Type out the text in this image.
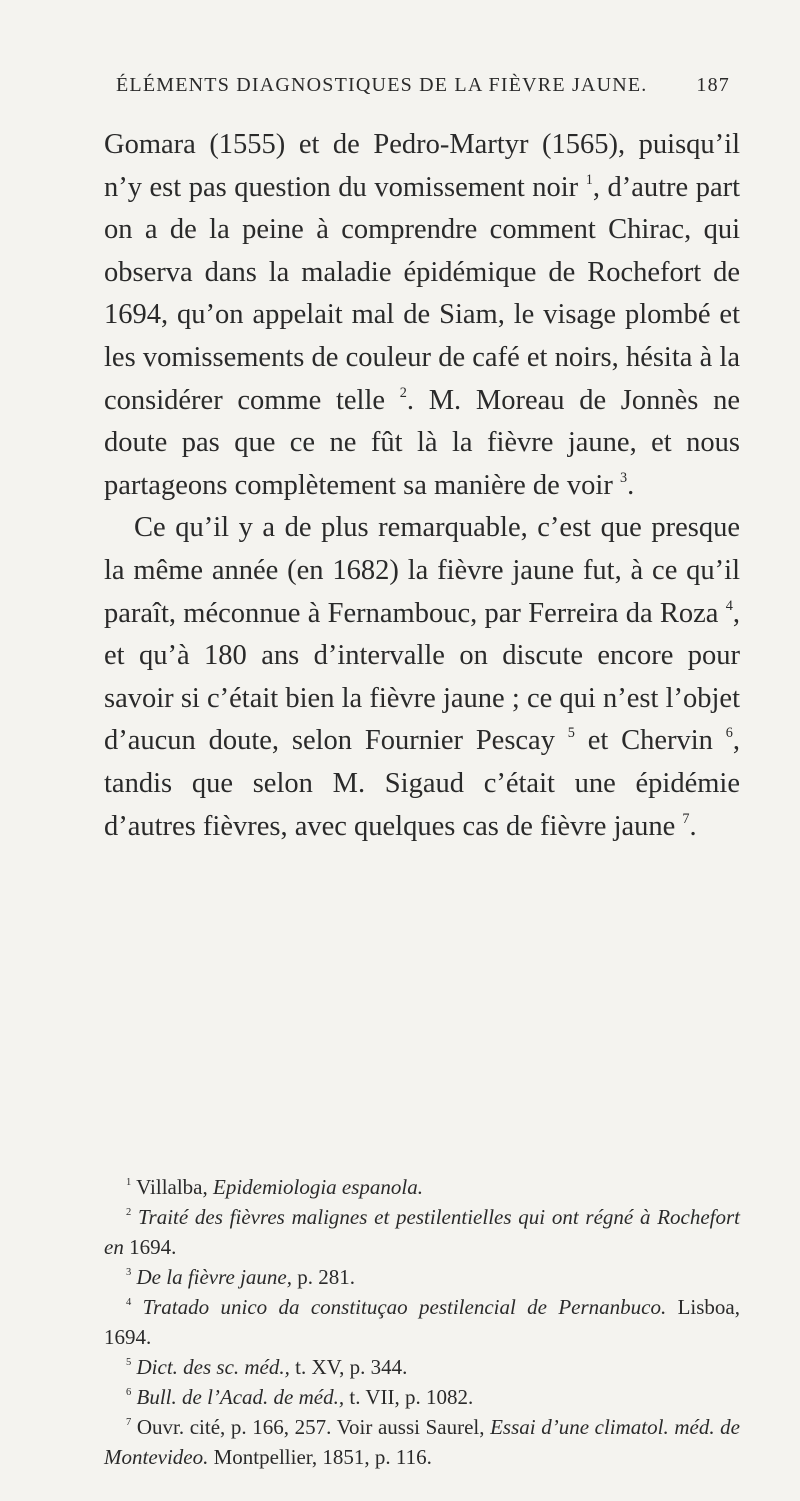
ÉLÉMENTS DIAGNOSTIQUES DE LA FIÈVRE JAUNE. 187

Gomara (1555) et de Pedro-Martyr (1565), puisqu’il n’y est pas question du vomissement noir $^1$, d’autre part on a de la peine à comprendre comment Chirac, qui observa dans la maladie épidémique de Rochefort de 1694, qu’on appelait mal de Siam, le visage plombé et les vomissements de couleur de café et noirs, hésita à la considérer comme telle $^2$. M. Moreau de Jonnès ne doute pas que ce ne fût là la fièvre jaune, et nous partageons complètement sa manière de voir $^3$.

Ce qu’il y a de plus remarquable, c’est que presque la même année (en 1682) la fièvre jaune fut, à ce qu’il paraît, méconnue à Fernambouc, par Ferreira da Roza $^4$, et qu’à 180 ans d’intervalle on discute encore pour savoir si c’était bien la fièvre jaune ; ce qui n’est l’objet d’aucun doute, selon Fournier Pescay $^5$ et Chervin $^6$, tandis que selon M. Sigaud c’était une épidémie d’autres fièvres, avec quelques cas de fièvre jaune $^7$.

$^1$ Villalba, Epidemiologia espanola.
$^2$ Traité des fièvres malignes et pestilentielles qui ont régné à Rochefort en 1694.
$^3$ De la fièvre jaune, p. 281.
$^4$ Tratado unico da constituçao pestilencial de Pernanbuco. Lisboa, 1694.
$^5$ Dict. des sc. méd., t. XV, p. 344.
$^6$ Bull. de l’Acad. de méd., t. VII, p. 1082.
$^7$ Ouvr. cité, p. 166, 257. Voir aussi Saurel, Essai d’une climatol. méd. de Montevideo. Montpellier, 1851, p. 116.
